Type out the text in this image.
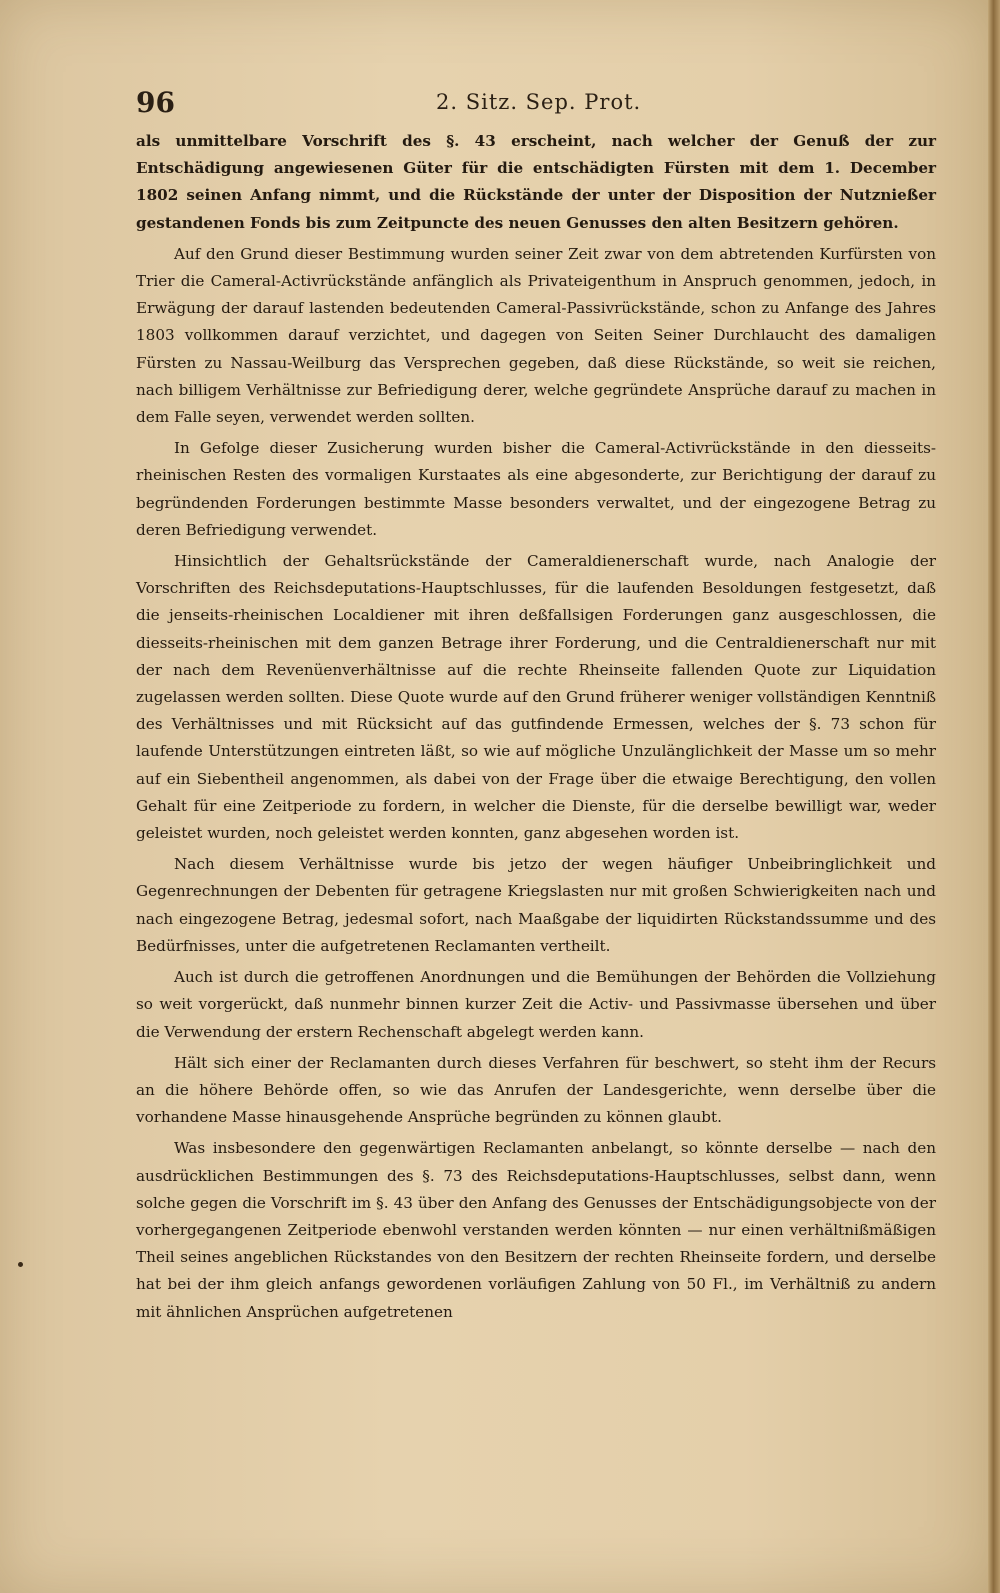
96	2. Sitz. Sep. Prot.

als unmittelbare Vorschrift des §. 43 erscheint, nach welcher der Genuß der zur Entschädigung angewiesenen Güter für die entschädigten Fürsten mit dem 1. December 1802 seinen Anfang nimmt, und die Rückstände der unter der Disposition der Nutznießer gestandenen Fonds bis zum Zeitpuncte des neuen Genusses den alten Besitzern gehören.

Auf den Grund dieser Bestimmung wurden seiner Zeit zwar von dem abtretenden Kurfürsten von Trier die Cameral-Activrückstände anfänglich als Privateigenthum in Anspruch genommen, jedoch, in Erwägung der darauf lastenden bedeutenden Cameral-Passivrückstände, schon zu Anfange des Jahres 1803 vollkommen darauf verzichtet, und dagegen von Seiten Seiner Durchlaucht des damaligen Fürsten zu Nassau-Weilburg das Versprechen gegeben, daß diese Rückstände, so weit sie reichen, nach billigem Verhältnisse zur Befriedigung derer, welche gegründete Ansprüche darauf zu machen in dem Falle seyen, verwendet werden sollten.

In Gefolge dieser Zusicherung wurden bisher die Cameral-Activrückstände in den diesseits-rheinischen Resten des vormaligen Kurstaates als eine abgesonderte, zur Berichtigung der darauf zu begründenden Forderungen bestimmte Masse besonders verwaltet, und der eingezogene Betrag zu deren Befriedigung verwendet.

Hinsichtlich der Gehaltsrückstände der Cameraldienerschaft wurde, nach Analogie der Vorschriften des Reichsdeputations-Hauptschlusses, für die laufenden Besoldungen festgesetzt, daß die jenseits-rheinischen Localdiener mit ihren deßfallsigen Forderungen ganz ausgeschlossen, die diesseits-rheinischen mit dem ganzen Betrage ihrer Forderung, und die Centraldienerschaft nur mit der nach dem Revenüenverhältnisse auf die rechte Rheinseite fallenden Quote zur Liquidation zugelassen werden sollten. Diese Quote wurde auf den Grund früherer weniger vollständigen Kenntniß des Verhältnisses und mit Rücksicht auf das gutfindende Ermessen, welches der §. 73 schon für laufende Unterstützungen eintreten läßt, so wie auf mögliche Unzulänglichkeit der Masse um so mehr auf ein Siebentheil angenommen, als dabei von der Frage über die etwaige Berechtigung, den vollen Gehalt für eine Zeitperiode zu fordern, in welcher die Dienste, für die derselbe bewilligt war, weder geleistet wurden, noch geleistet werden konnten, ganz abgesehen worden ist.

Nach diesem Verhältnisse wurde bis jetzo der wegen häufiger Unbeibringlichkeit und Gegenrechnungen der Debenten für getragene Kriegslasten nur mit großen Schwierigkeiten nach und nach eingezogene Betrag, jedesmal sofort, nach Maaßgabe der liquidirten Rückstandssumme und des Bedürfnisses, unter die aufgetretenen Reclamanten vertheilt.

Auch ist durch die getroffenen Anordnungen und die Bemühungen der Behörden die Vollziehung so weit vorgerückt, daß nunmehr binnen kurzer Zeit die Activ- und Passivmasse übersehen und über die Verwendung der erstern Rechenschaft abgelegt werden kann.

Hält sich einer der Reclamanten durch dieses Verfahren für beschwert, so steht ihm der Recurs an die höhere Behörde offen, so wie das Anrufen der Landesgerichte, wenn derselbe über die vorhandene Masse hinausgehende Ansprüche begründen zu können glaubt.

Was insbesondere den gegenwärtigen Reclamanten anbelangt, so könnte derselbe — nach den ausdrücklichen Bestimmungen des §. 73 des Reichsdeputations-Hauptschlusses, selbst dann, wenn solche gegen die Vorschrift im §. 43 über den Anfang des Genusses der Entschädigungsobjecte von der vorhergegangenen Zeitperiode ebenwohl verstanden werden könnten — nur einen verhältnißmäßigen Theil seines angeblichen Rückstandes von den Besitzern der rechten Rheinseite fordern, und derselbe hat bei der ihm gleich anfangs gewordenen vorläufigen Zahlung von 50 Fl., im Verhältniß zu andern mit ähnlichen Ansprüchen aufgetretenen
